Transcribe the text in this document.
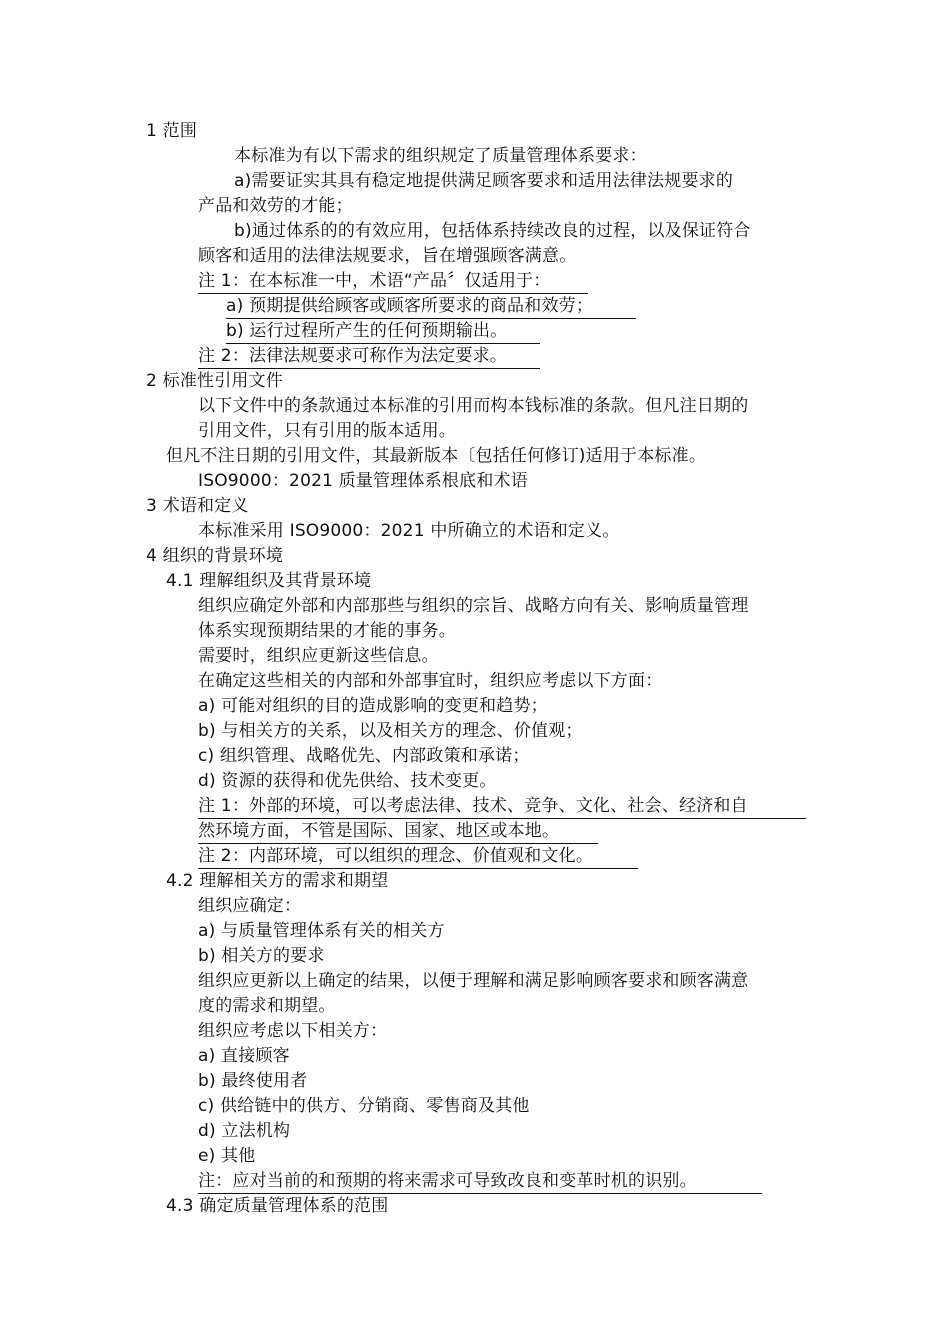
1 范围
本标准为有以下需求的组织规定了质量管理体系要求：
a)需要证实其具有稳定地提供满足顾客要求和适用法律法规要求的
产品和效劳的才能；
b)通过体系的的有效应用，包括体系持续改良的过程，以及保证符合
顾客和适用的法律法规要求，旨在增强顾客满意。
注 1：在本标准一中，术语“产品〞仅适用于：
a) 预期提供给顾客或顾客所要求的商品和效劳；
b) 运行过程所产生的任何预期输出。
注 2：法律法规要求可称作为法定要求。
2 标准性引用文件
以下文件中的条款通过本标准的引用而构本钱标准的条款。但凡注日期的
引用文件，只有引用的版本适用。
但凡不注日期的引用文件，其最新版本〔包括任何修订)适用于本标准。
ISO9000：2021 质量管理体系根底和术语
3 术语和定义
本标准采用 ISO9000：2021 中所确立的术语和定义。
4 组织的背景环境
4.1 理解组织及其背景环境
组织应确定外部和内部那些与组织的宗旨、战略方向有关、影响质量管理
体系实现预期结果的才能的事务。
需要时，组织应更新这些信息。
在确定这些相关的内部和外部事宜时，组织应考虑以下方面：
a) 可能对组织的目的造成影响的变更和趋势；
b) 与相关方的关系，以及相关方的理念、价值观；
c) 组织管理、战略优先、内部政策和承诺；
d) 资源的获得和优先供给、技术变更。
注 1：外部的环境，可以考虑法律、技术、竞争、文化、社会、经济和自
然环境方面，不管是国际、国家、地区或本地。
注 2：内部环境，可以组织的理念、价值观和文化。
4.2 理解相关方的需求和期望
组织应确定：
a) 与质量管理体系有关的相关方
b) 相关方的要求
组织应更新以上确定的结果，以便于理解和满足影响顾客要求和顾客满意
度的需求和期望。
组织应考虑以下相关方：
a) 直接顾客
b) 最终使用者
c) 供给链中的供方、分销商、零售商及其他
d) 立法机构
e) 其他
注：应对当前的和预期的将来需求可导致改良和变革时机的识别。
4.3 确定质量管理体系的范围
